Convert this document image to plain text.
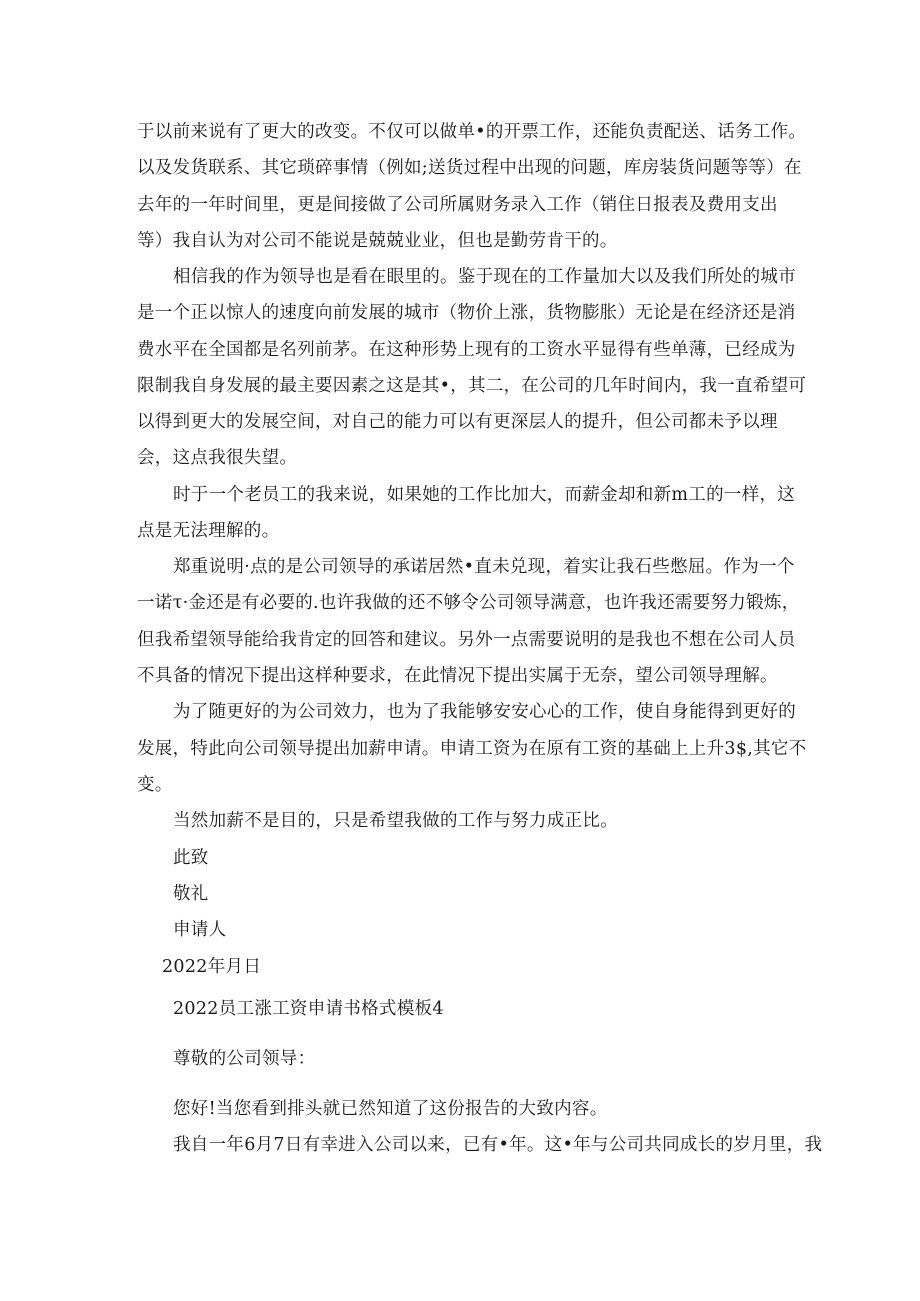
于以前来说有了更大的改变。不仅可以做单•的开票工作，还能负责配送、话务工作。
以及发货联系、其它琐碎事情（例如;送货过程中出现的问题，库房装货问题等等）在
去年的一年时间里，更是间接做了公司所属财务录入工作（销住日报表及费用支出
等）我自认为对公司不能说是兢兢业业，但也是勤劳肯干的。
相信我的作为领导也是看在眼里的。鉴于现在的工作量加大以及我们所处的城市
是一个正以惊人的速度向前发展的城市（物价上涨，货物膨胀）无论是在经济还是消
费水平在全国都是名列前茅。在这种形势上现有的工资水平显得有些单薄，已经成为
限制我自身发展的最主要因素之这是其•，其二，在公司的几年时间内，我一直希望可
以得到更大的发展空间，对自己的能力可以有更深层人的提升，但公司都未予以理
会，这点我很失望。
时于一个老员工的我来说，如果她的工作比加大，而薪金却和新m工的一样，这
点是无法理解的。
郑重说明·点的是公司领导的承诺居然•直未兑现，着实让我石些憋屈。作为一个
一诺τ·金还是有必要的.也许我做的还不够令公司领导满意，也许我还需要努力锻炼，
但我希望领导能给我肯定的回答和建议。另外一点需要说明的是我也不想在公司人员
不具备的情况下提出这样种要求，在此情况下提出实属于无奈，望公司领导理解。
为了随更好的为公司效力，也为了我能够安安心心的工作，使自身能得到更好的
发展，特此向公司领导提出加薪申请。申请工资为在原有工资的基础上上升3$,其它不
变。
当然加薪不是目的，只是希望我做的工作与努力成正比。
此致
敬礼
申请人
2022年月日
2022员工涨工资申请书格式模板4
尊敬的公司领导：
您好!当您看到排头就已然知道了这份报告的大致内容。
我自一年6月7日有幸进入公司以来，已有•年。这•年与公司共同成长的岁月里，我
